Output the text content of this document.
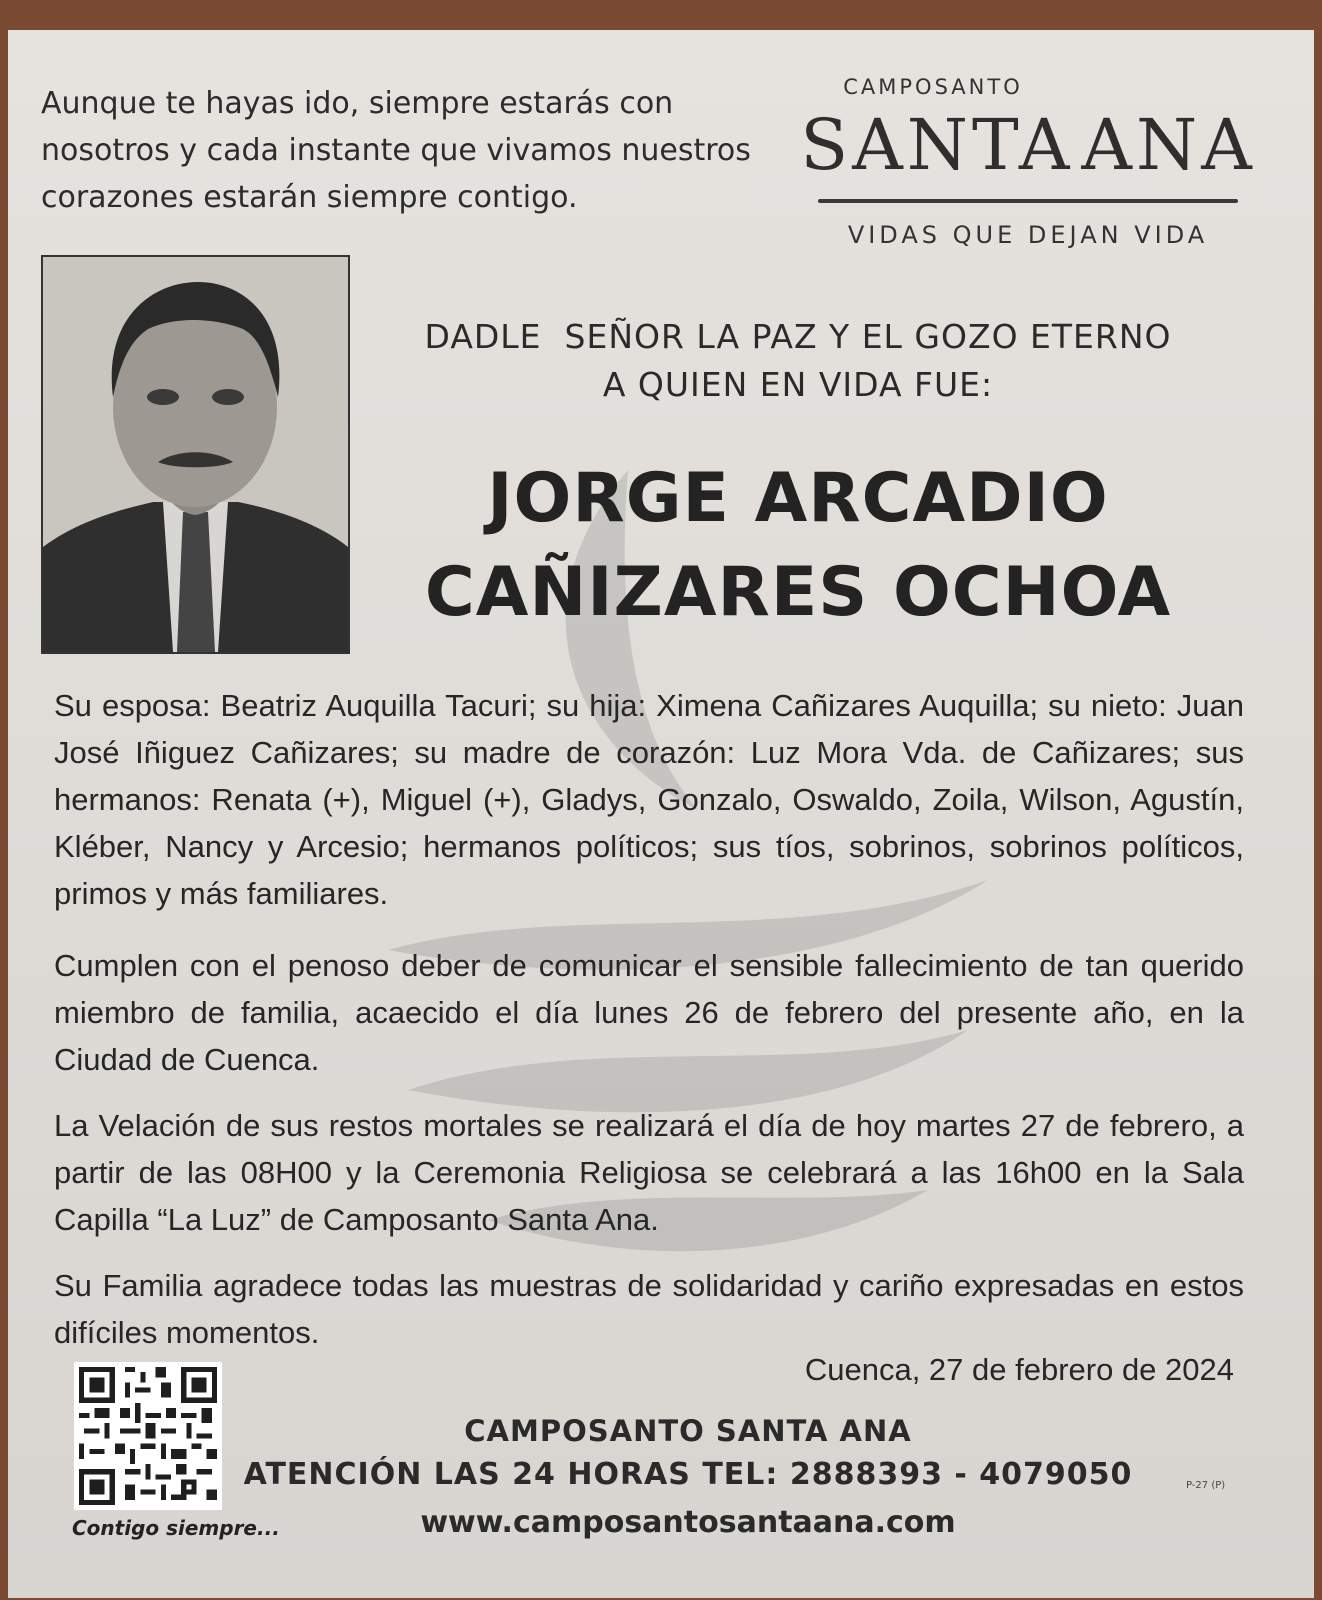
Aunque te hayas ido, siempre estarás con nosotros y cada instante que vivamos nuestros corazones estarán siempre contigo.
CAMPOSANTO
SANTA ANA
VIDAS QUE DEJAN VIDA
DADLE  SEÑOR LA PAZ Y EL GOZO ETERNO
A QUIEN EN VIDA FUE:
JORGE ARCADIO
CAÑIZARES OCHOA
Su esposa: Beatriz Auquilla Tacuri; su hija: Ximena Cañizares Auquilla; su nieto: Juan José Iñiguez Cañizares; su madre de corazón: Luz Mora Vda. de Cañizares; sus hermanos: Renata (+), Miguel (+), Gladys, Gonzalo, Oswaldo, Zoila, Wilson, Agustín, Kléber, Nancy y Arcesio; hermanos políticos; sus tíos, sobrinos, sobrinos políticos, primos y más familiares.
Cumplen con el penoso deber de comunicar el sensible fallecimiento de tan querido miembro de familia, acaecido el día lunes 26 de febrero del presente año, en la Ciudad de Cuenca.
La Velación de sus restos mortales se realizará el día de hoy martes 27 de febrero, a partir de las 08H00 y la Ceremonia Religiosa se celebrará a las 16h00 en la Sala Capilla “La Luz” de Camposanto Santa Ana.
Su Familia agradece todas las muestras de solidaridad y cariño expresadas en estos difíciles momentos.
Cuenca, 27 de febrero de 2024
Contigo siempre...
CAMPOSANTO SANTA ANA
ATENCIÓN LAS 24 HORAS TEL: 2888393 - 4079050
www.camposantosantaana.com
P-27 (P)
